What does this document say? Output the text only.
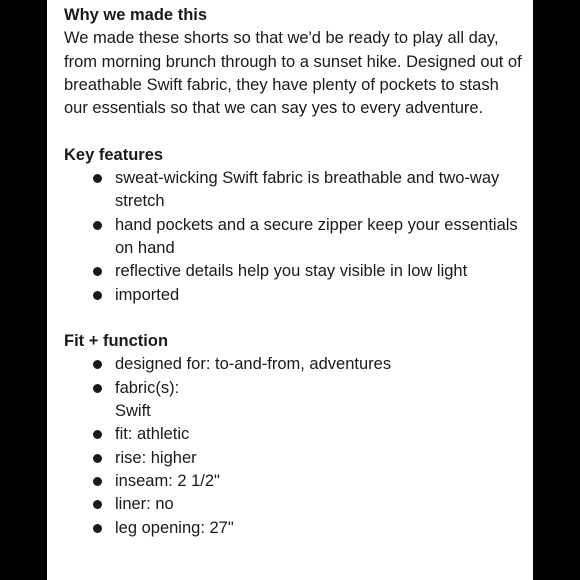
Why we made this

We made these shorts so that we'd be ready to play all day, from morning brunch through to a sunset hike. Designed out of breathable Swift fabric, they have plenty of pockets to stash our essentials so that we can say yes to every adventure.

Key features

sweat-wicking Swift fabric is breathable and two-way stretch
hand pockets and a secure zipper keep your essentials on hand
reflective details help you stay visible in low light
imported

Fit + function

designed for: to-and-from, adventures
fabric(s):
Swift
fit: athletic
rise: higher
inseam: 2 1/2"
liner: no
leg opening: 27"
